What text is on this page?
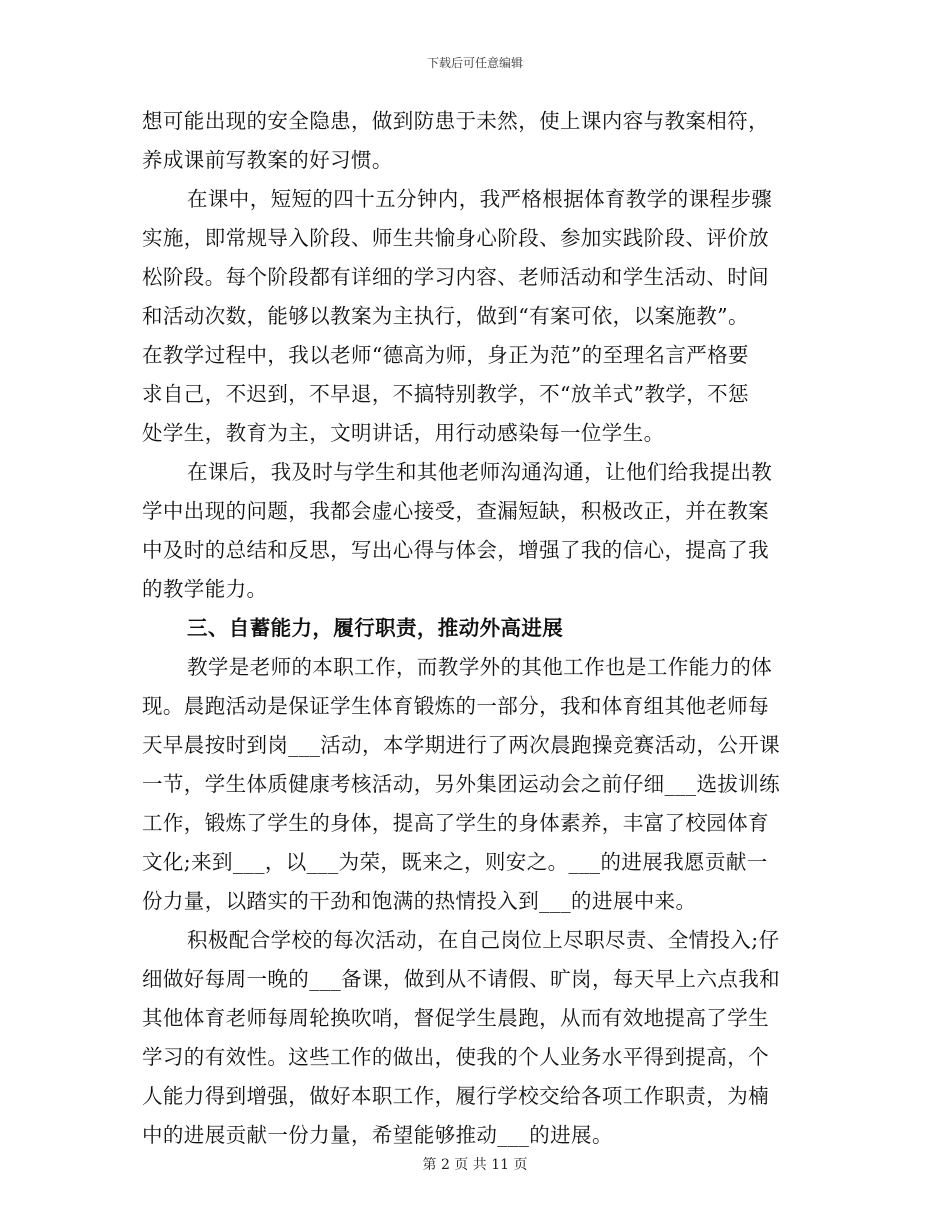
下载后可任意编辑
想可能出现的安全隐患，做到防患于未然，使上课内容与教案相符，
养成课前写教案的好习惯。
在课中，短短的四十五分钟内，我严格根据体育教学的课程步骤
实施，即常规导入阶段、师生共愉身心阶段、参加实践阶段、评价放
松阶段。每个阶段都有详细的学习内容、老师活动和学生活动、时间
和活动次数，能够以教案为主执行，做到“有案可依，以案施教”。
在教学过程中，我以老师“德高为师，身正为范”的至理名言严格要
求自己，不迟到，不早退，不搞特别教学，不“放羊式”教学，不惩
处学生，教育为主，文明讲话，用行动感染每一位学生。
在课后，我及时与学生和其他老师沟通沟通，让他们给我提出教
学中出现的问题，我都会虚心接受，查漏短缺，积极改正，并在教案
中及时的总结和反思，写出心得与体会，增强了我的信心，提高了我
的教学能力。
三、自蓄能力，履行职责，推动外高进展
教学是老师的本职工作，而教学外的其他工作也是工作能力的体
现。晨跑活动是保证学生体育锻炼的一部分，我和体育组其他老师每
天早晨按时到岗___活动，本学期进行了两次晨跑操竞赛活动，公开课
一节，学生体质健康考核活动，另外集团运动会之前仔细___选拔训练
工作，锻炼了学生的身体，提高了学生的身体素养，丰富了校园体育
文化;来到___，以___为荣，既来之，则安之。___的进展我愿贡献一
份力量，以踏实的干劲和饱满的热情投入到___的进展中来。
积极配合学校的每次活动，在自己岗位上尽职尽责、全情投入;仔
细做好每周一晚的___备课，做到从不请假、旷岗，每天早上六点我和
其他体育老师每周轮换吹哨，督促学生晨跑，从而有效地提高了学生
学习的有效性。这些工作的做出，使我的个人业务水平得到提高，个
人能力得到增强，做好本职工作，履行学校交给各项工作职责，为楠
中的进展贡献一份力量，希望能够推动___的进展。
第 2 页 共 11 页
